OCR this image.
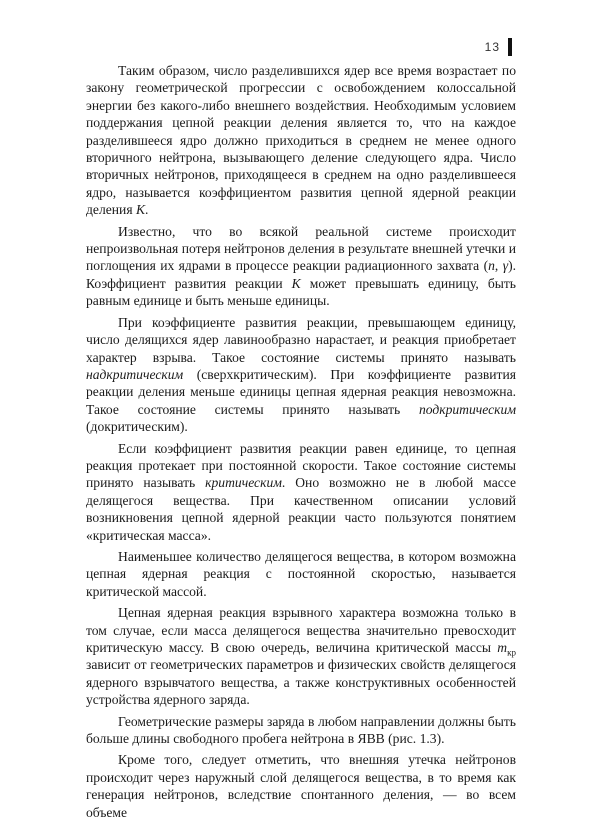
13

Таким образом, число разделившихся ядер все время возрастает по закону геометрической прогрессии с освобождением колоссальной энергии без какого-либо внешнего воздействия. Необходимым условием поддержания цепной реакции деления является то, что на каждое разделившееся ядро должно приходиться в среднем не менее одного вторичного нейтрона, вызывающего деление следующего ядра. Число вторичных нейтронов, приходящееся в среднем на одно разделившееся ядро, называется коэффициентом развития цепной ядерной реакции деления K.

Известно, что во всякой реальной системе происходит непроизвольная потеря нейтронов деления в результате внешней утечки и поглощения их ядрами в процессе реакции радиационного захвата (n, γ). Коэффициент развития реакции K может превышать единицу, быть равным единице и быть меньше единицы.

При коэффициенте развития реакции, превышающем единицу, число делящихся ядер лавинообразно нарастает, и реакция приобретает характер взрыва. Такое состояние системы принято называть надкритическим (сверхкритическим). При коэффициенте развития реакции деления меньше единицы цепная ядерная реакция невозможна. Такое состояние системы принято называть подкритическим (докритическим).

Если коэффициент развития реакции равен единице, то цепная реакция протекает при постоянной скорости. Такое состояние системы принято называть критическим. Оно возможно не в любой массе делящегося вещества. При качественном описании условий возникновения цепной ядерной реакции часто пользуются понятием «критическая масса».

Наименьшее количество делящегося вещества, в котором возможна цепная ядерная реакция с постоянной скоростью, называется критической массой.

Цепная ядерная реакция взрывного характера возможна только в том случае, если масса делящегося вещества значительно превосходит критическую массу. В свою очередь, величина критической массы $m_{кр}$ зависит от геометрических параметров и физических свойств делящегося ядерного взрывчатого вещества, а также конструктивных особенностей устройства ядерного заряда.

Геометрические размеры заряда в любом направлении должны быть больше длины свободного пробега нейтрона в ЯВВ (рис. 1.3).

Кроме того, следует отметить, что внешняя утечка нейтронов происходит через наружный слой делящегося вещества, в то время как генерация нейтронов, вследствие спонтанного деления, — во всем объеме
